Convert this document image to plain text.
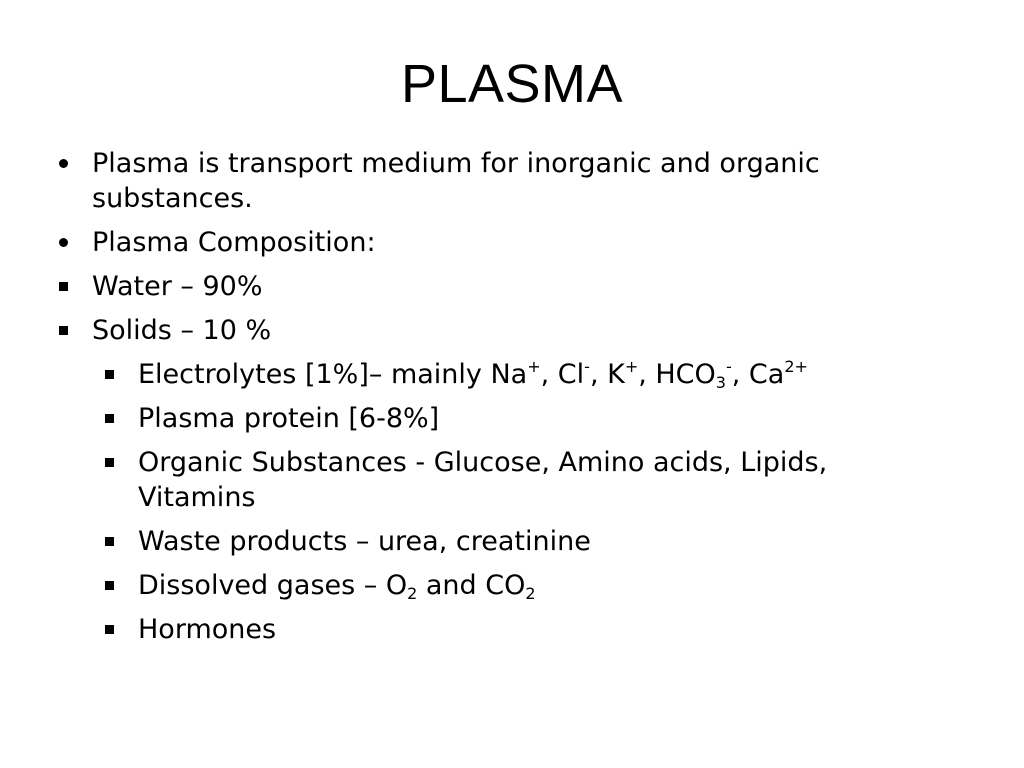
PLASMA
Plasma is transport medium for inorganic and organic substances.
Plasma Composition:
Water – 90%
Solids – 10 %
Electrolytes [1%]– mainly Na+, Cl-, K+, $HCO_3^-$, $Ca^{2+}$
Plasma protein [6-8%]
Organic Substances - Glucose, Amino acids, Lipids, Vitamins
Waste products – urea, creatinine
Dissolved gases – $O_2$ and $CO_2$
Hormones
